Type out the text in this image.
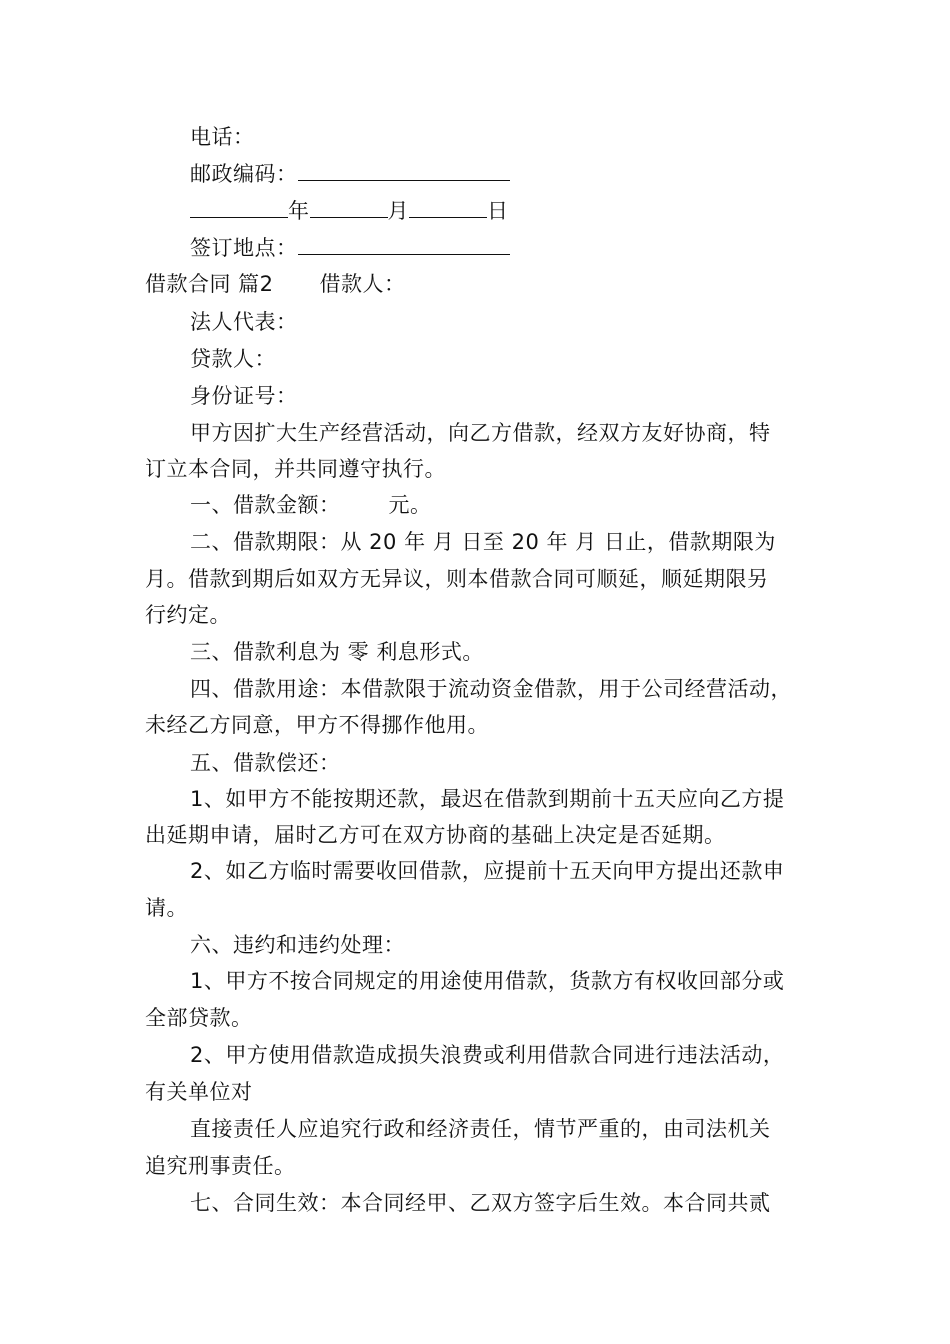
电话：
邮政编码：
年	月	日
签订地点：
借款合同 篇2 借款人：
法人代表：
贷款人：
身份证号：
甲方因扩大生产经营活动，向乙方借款，经双方友好协商，特
订立本合同，并共同遵守执行。
一、借款金额： 元。
二、借款期限：从 20 年 月 日至 20 年 月 日止，借款期限为
月。借款到期后如双方无异议，则本借款合同可顺延，顺延期限另
行约定。
三、借款利息为 零 利息形式。
四、借款用途：本借款限于流动资金借款，用于公司经营活动，
未经乙方同意，甲方不得挪作他用。
五、借款偿还：
1、如甲方不能按期还款，最迟在借款到期前十五天应向乙方提
出延期申请，届时乙方可在双方协商的基础上决定是否延期。
2、如乙方临时需要收回借款，应提前十五天向甲方提出还款申
请。
六、违约和违约处理：
1、甲方不按合同规定的用途使用借款，货款方有权收回部分或
全部贷款。
2、甲方使用借款造成损失浪费或利用借款合同进行违法活动，
有关单位对
直接责任人应追究行政和经济责任，情节严重的，由司法机关
追究刑事责任。
七、合同生效：本合同经甲、乙双方签字后生效。本合同共贰
